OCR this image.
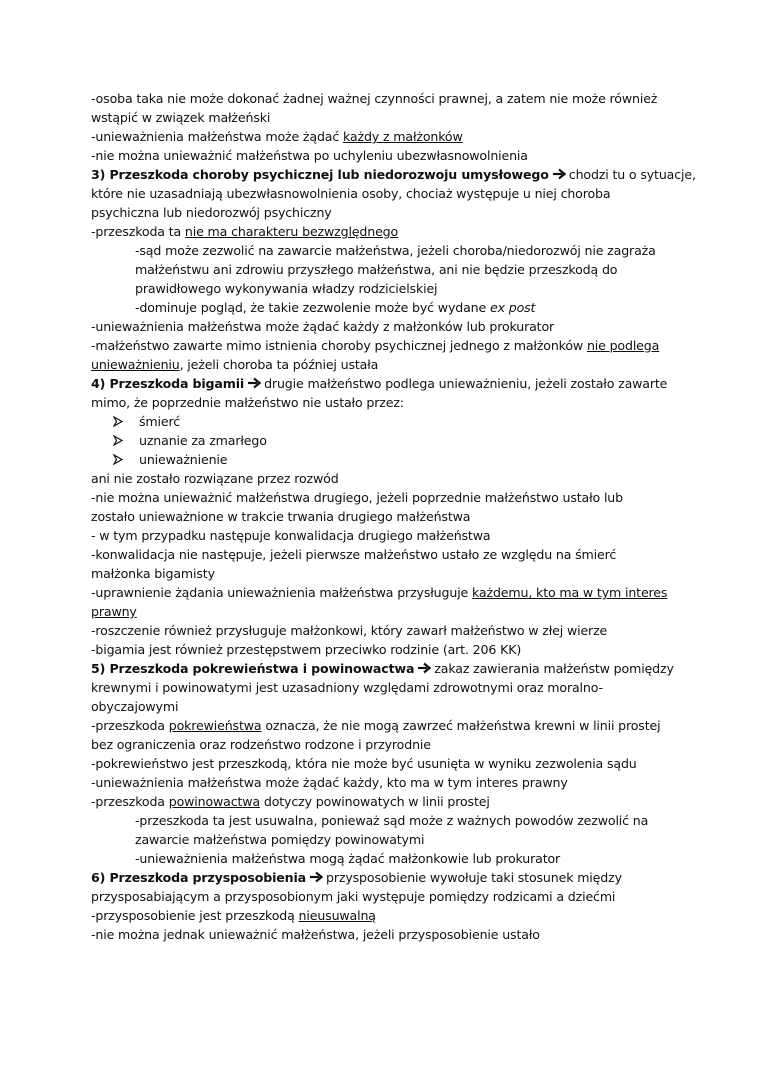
-osoba taka nie może dokonać żadnej ważnej czynności prawnej, a zatem nie może również
wstąpić w związek małżeński
-unieważnienia małżeństwa może żądać każdy z małżonków
-nie można unieważnić małżeństwa po uchyleniu ubezwłasnowolnienia
3) Przeszkoda choroby psychicznej lub niedorozwoju umysłowego chodzi tu o sytuacje,
które nie uzasadniają ubezwłasnowolnienia osoby, chociaż występuje u niej choroba
psychiczna lub niedorozwój psychiczny
-przeszkoda ta nie ma charakteru bezwzględnego
-sąd może zezwolić na zawarcie małżeństwa, jeżeli choroba/niedorozwój nie zagraża
małżeństwu ani zdrowiu przyszłego małżeństwa, ani nie będzie przeszkodą do
prawidłowego wykonywania władzy rodzicielskiej
-dominuje pogląd, że takie zezwolenie może być wydane ex post
-unieważnienia małżeństwa może żądać każdy z małżonków lub prokurator
-małżeństwo zawarte mimo istnienia choroby psychicznej jednego z małżonków nie podlega
unieważnieniu, jeżeli choroba ta później ustała
4) Przeszkoda bigamii drugie małżeństwo podlega unieważnieniu, jeżeli zostało zawarte
mimo, że poprzednie małżeństwo nie ustało przez:
śmierć
uznanie za zmarłego
unieważnienie
ani nie zostało rozwiązane przez rozwód
-nie można unieważnić małżeństwa drugiego, jeżeli poprzednie małżeństwo ustało lub
zostało unieważnione w trakcie trwania drugiego małżeństwa
- w tym przypadku następuje konwalidacja drugiego małżeństwa
-konwalidacja nie następuje, jeżeli pierwsze małżeństwo ustało ze względu na śmierć
małżonka bigamisty
-uprawnienie żądania unieważnienia małżeństwa przysługuje każdemu, kto ma w tym interes
prawny
-roszczenie również przysługuje małżonkowi, który zawarł małżeństwo w złej wierze
-bigamia jest również przestępstwem przeciwko rodzinie (art. 206 KK)
5) Przeszkoda pokrewieństwa i powinowactwa zakaz zawierania małżeństw pomiędzy
krewnymi i powinowatymi jest uzasadniony względami zdrowotnymi oraz moralno-
obyczajowymi
-przeszkoda pokrewieństwa oznacza, że nie mogą zawrzeć małżeństwa krewni w linii prostej
bez ograniczenia oraz rodzeństwo rodzone i przyrodnie
-pokrewieństwo jest przeszkodą, która nie może być usunięta w wyniku zezwolenia sądu
-unieważnienia małżeństwa może żądać każdy, kto ma w tym interes prawny
-przeszkoda powinowactwa dotyczy powinowatych w linii prostej
-przeszkoda ta jest usuwalna, ponieważ sąd może z ważnych powodów zezwolić na
zawarcie małżeństwa pomiędzy powinowatymi
-unieważnienia małżeństwa mogą żądać małżonkowie lub prokurator
6) Przeszkoda przysposobienia przysposobienie wywołuje taki stosunek między
przysposabiającym a przysposobionym jaki występuje pomiędzy rodzicami a dziećmi
-przysposobienie jest przeszkodą nieusuwalną
-nie można jednak unieważnić małżeństwa, jeżeli przysposobienie ustało
